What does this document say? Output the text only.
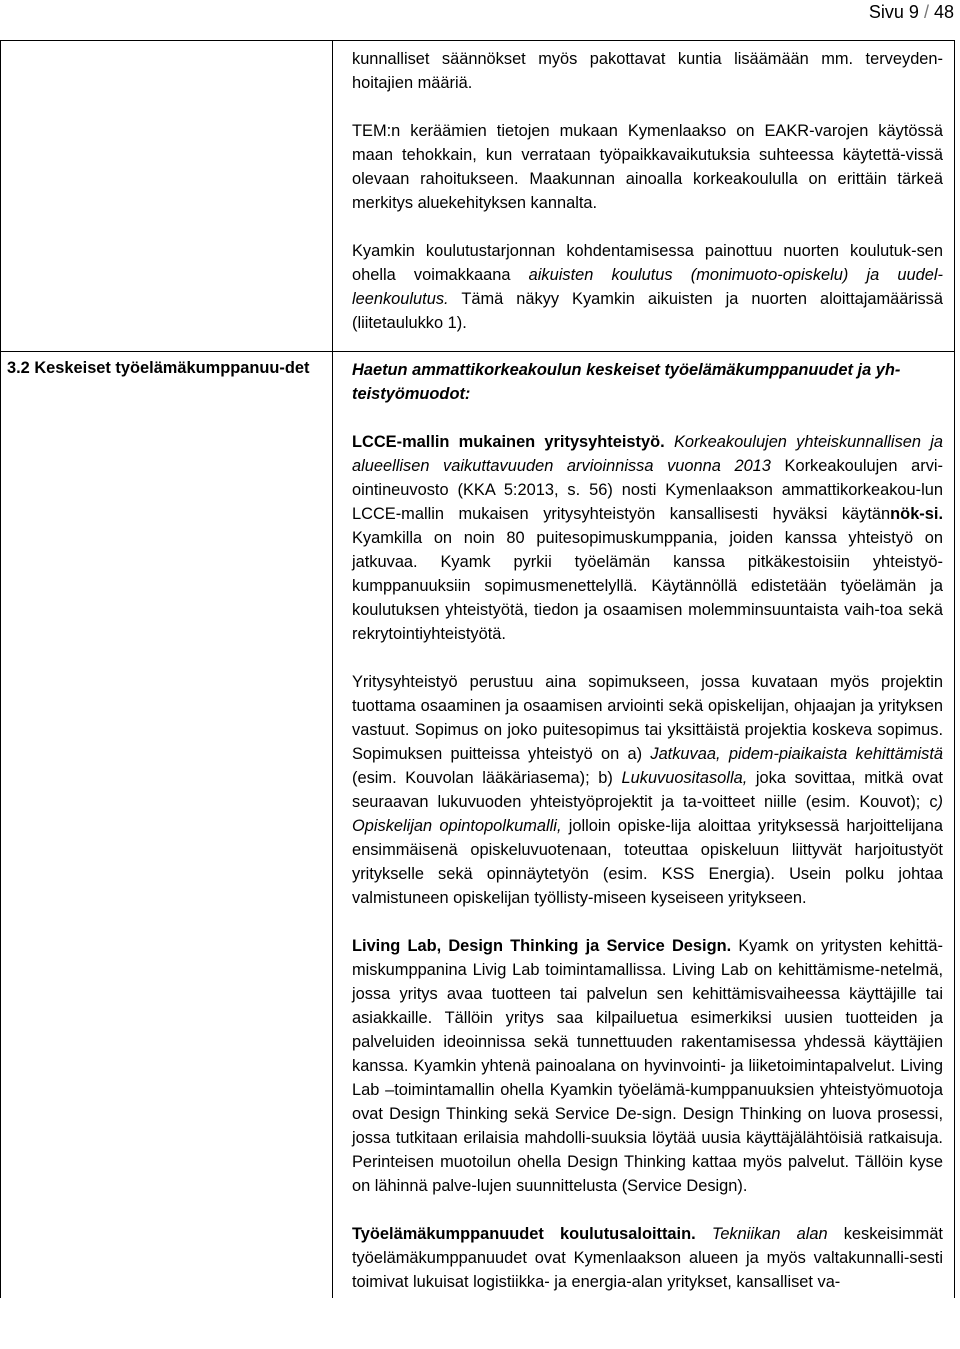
Sivu 9 / 48

	kunnalliset säännökset myös pakottavat kuntia lisäämään mm. terveyden-hoitajien määriä.

TEM:n keräämien tietojen mukaan Kymenlaakso on EAKR-varojen käytössä maan tehokkain, kun verrataan työpaikkavaikutuksia suhteessa käytettä-vissä olevaan rahoitukseen. Maakunnan ainoalla korkeakoululla on erittäin tärkeä merkitys aluekehityksen kannalta.

Kyamkin koulutustarjonnan kohdentamisessa painottuu nuorten koulutuk-sen ohella voimakkaana aikuisten koulutus (monimuoto-opiskelu) ja uudel-leenkoulutus. Tämä näkyy Kyamkin aikuisten ja nuorten aloittajamäärissä (liitetaulukko 1).

3.2 Keskeiset työelämäkumppanuu-det	Haetun ammattikorkeakoulun keskeiset työelämäkumppanuudet ja yh-teistyömuodot:

LCCE-mallin mukainen yritysyhteistyö. Korkeakoulujen yhteiskunnallisen ja alueellisen vaikuttavuuden arvioinnissa vuonna 2013 Korkeakoulujen arvi-ointineuvosto (KKA 5:2013, s. 56) nosti Kymenlaakson ammattikorkeakou-lun LCCE-mallin mukaisen yritysyhteistyön kansallisesti hyväksi käytännök-si. Kyamkilla on noin 80 puitesopimuskumppania, joiden kanssa yhteistyö on jatkuvaa. Kyamk pyrkii työelämän kanssa pitkäkestoisiin yhteistyö-kumppanuuksiin sopimusmenettelyllä. Käytännöllä edistetään työelämän ja koulutuksen yhteistyötä, tiedon ja osaamisen molemminsuuntaista vaih-toa sekä rekrytointiyhteistyötä.

Yritysyhteistyö perustuu aina sopimukseen, jossa kuvataan myös projektin tuottama osaaminen ja osaamisen arviointi sekä opiskelijan, ohjaajan ja yrityksen vastuut. Sopimus on joko puitesopimus tai yksittäistä projektia koskeva sopimus. Sopimuksen puitteissa yhteistyö on a) Jatkuvaa, pidem-piaikaista kehittämistä (esim. Kouvolan lääkäriasema); b) Lukuvuositasolla, joka sovittaa, mitkä ovat seuraavan lukuvuoden yhteistyöprojektit ja ta-voitteet niille (esim. Kouvot); c) Opiskelijan opintopolkumalli, jolloin opiske-lija aloittaa yrityksessä harjoittelijana ensimmäisenä opiskeluvuotenaan, toteuttaa opiskeluun liittyvät harjoitustyöt yritykselle sekä opinnäytetyön (esim. KSS Energia). Usein polku johtaa valmistuneen opiskelijan työllisty-miseen kyseiseen yritykseen.

Living Lab, Design Thinking ja Service Design. Kyamk on yritysten kehittä-miskumppanina Livig Lab toimintamallissa. Living Lab on kehittämisme-netelmä, jossa yritys avaa tuotteen tai palvelun sen kehittämisvaiheessa käyttäjille tai asiakkaille. Tällöin yritys saa kilpailuetua esimerkiksi uusien tuotteiden ja palveluiden ideoinnissa sekä tunnettuuden rakentamisessa yhdessä käyttäjien kanssa. Kyamkin yhtenä painoalana on hyvinvointi- ja liiketoimintapalvelut. Living Lab –toimintamallin ohella Kyamkin työelämä-kumppanuuksien yhteistyömuotoja ovat Design Thinking sekä Service De-sign. Design Thinking on luova prosessi, jossa tutkitaan erilaisia mahdolli-suuksia löytää uusia käyttäjälähtöisiä ratkaisuja. Perinteisen muotoilun ohella Design Thinking kattaa myös palvelut. Tällöin kyse on lähinnä palve-lujen suunnittelusta (Service Design).

Työelämäkumppanuudet koulutusaloittain. Tekniikan alan keskeisimmät työelämäkumppanuudet ovat Kymenlaakson alueen ja myös valtakunnalli-sesti toimivat lukuisat logistiikka- ja energia-alan yritykset, kansalliset va-
